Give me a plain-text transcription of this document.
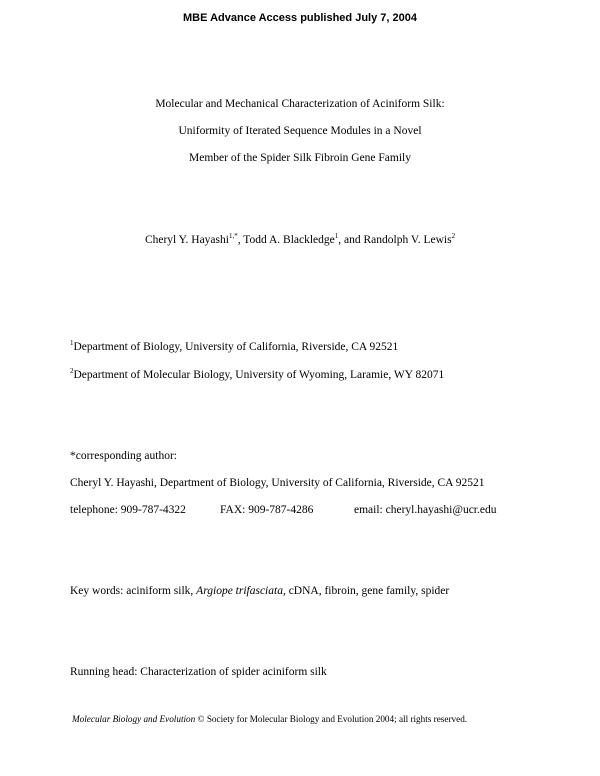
MBE Advance Access published July 7, 2004
Molecular and Mechanical Characterization of Aciniform Silk:
Uniformity of Iterated Sequence Modules in a Novel
Member of the Spider Silk Fibroin Gene Family
Cheryl Y. Hayashi$^{1,*}$, Todd A. Blackledge$^1$, and Randolph V. Lewis$^2$
$^1$Department of Biology, University of California, Riverside, CA 92521
$^2$Department of Molecular Biology, University of Wyoming, Laramie, WY 82071
*corresponding author:
Cheryl Y. Hayashi, Department of Biology, University of California, Riverside, CA 92521
telephone: 909-787-4322	FAX: 909-787-4286	email: cheryl.hayashi@ucr.edu
Key words: aciniform silk, Argiope trifasciata, cDNA, fibroin, gene family, spider
Running head: Characterization of spider aciniform silk
Molecular Biology and Evolution © Society for Molecular Biology and Evolution 2004; all rights reserved.
